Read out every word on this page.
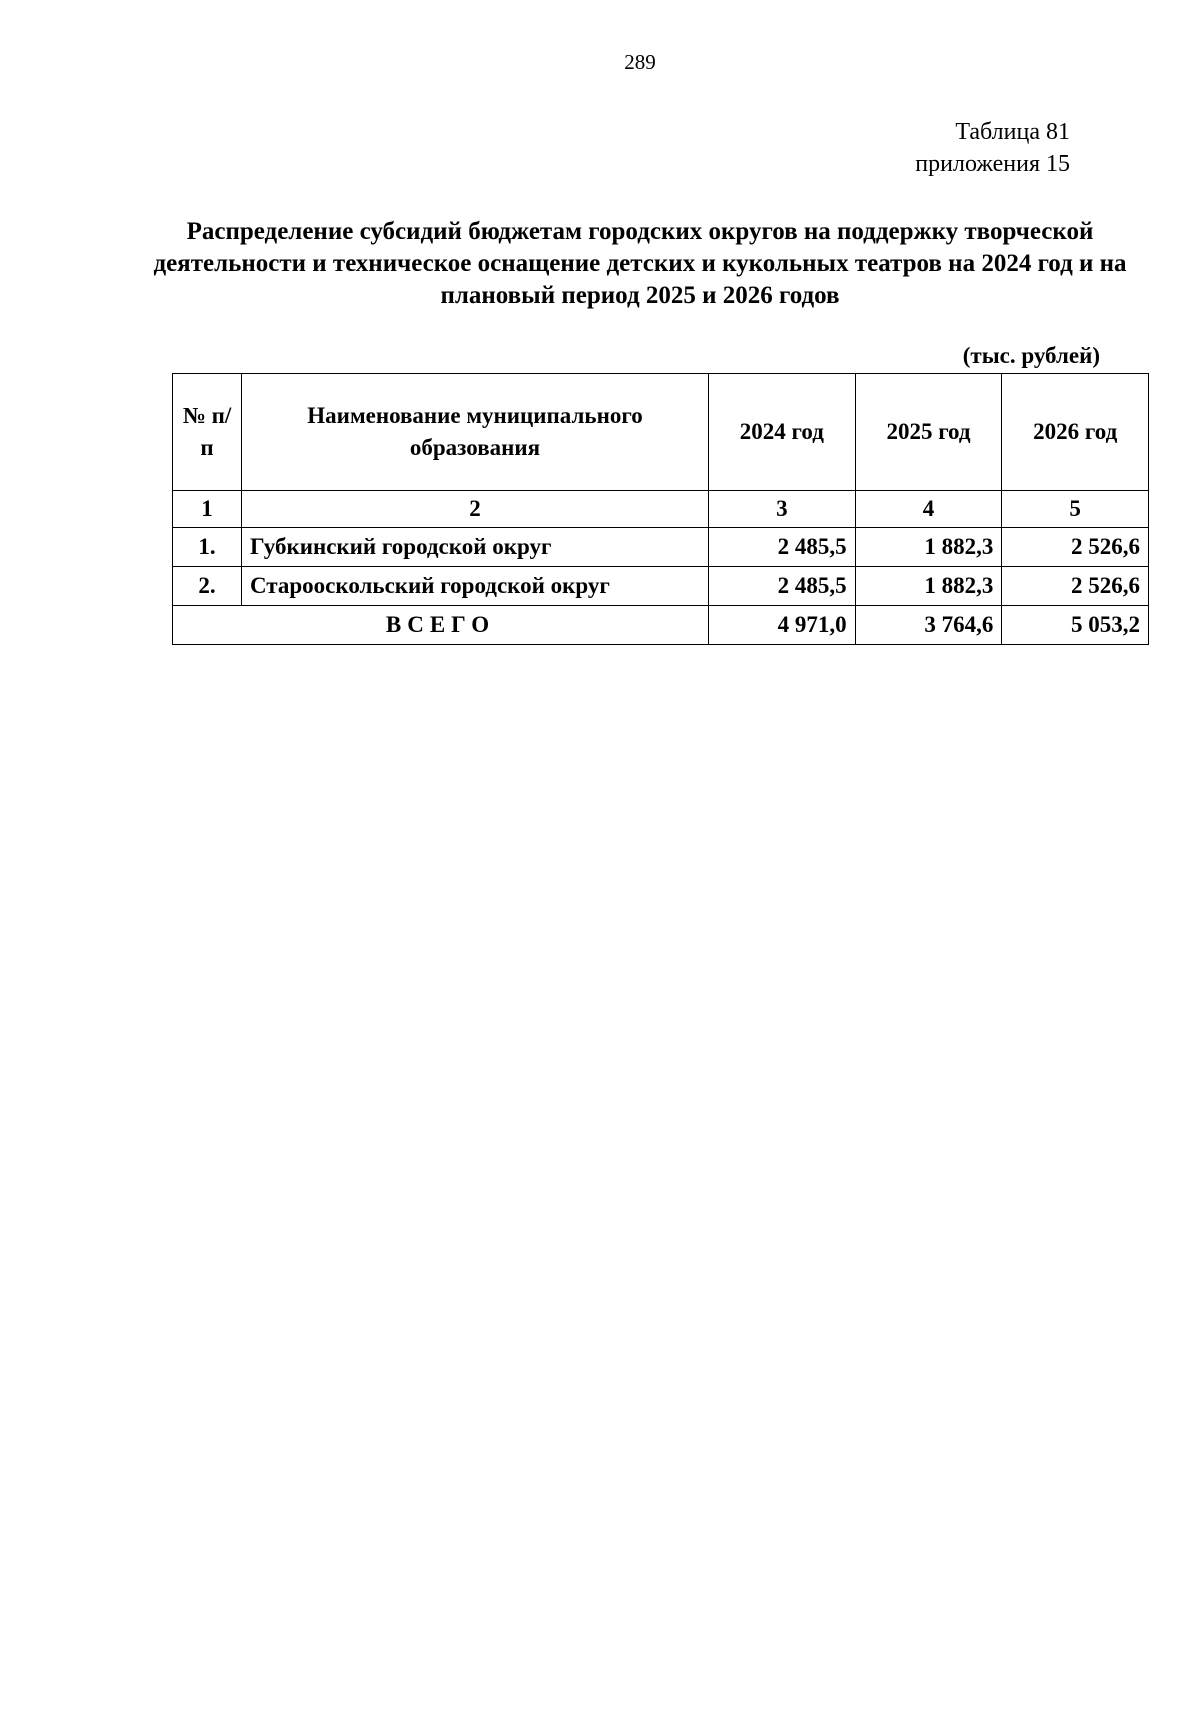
289
Таблица 81
приложения 15
Распределение субсидий бюджетам городских округов на поддержку творческой деятельности и техническое оснащение детских и кукольных театров на 2024 год и на плановый период 2025 и 2026 годов
(тыс. рублей)
№ п/п	Наименование муниципального образования	2024 год	2025 год	2026 год
1	2	3	4	5
1.	Губкинский городской округ	2 485,5	1 882,3	2 526,6
2.	Старооскольский городской округ	2 485,5	1 882,3	2 526,6
ВСЕГО		4 971,0	3 764,6	5 053,2
